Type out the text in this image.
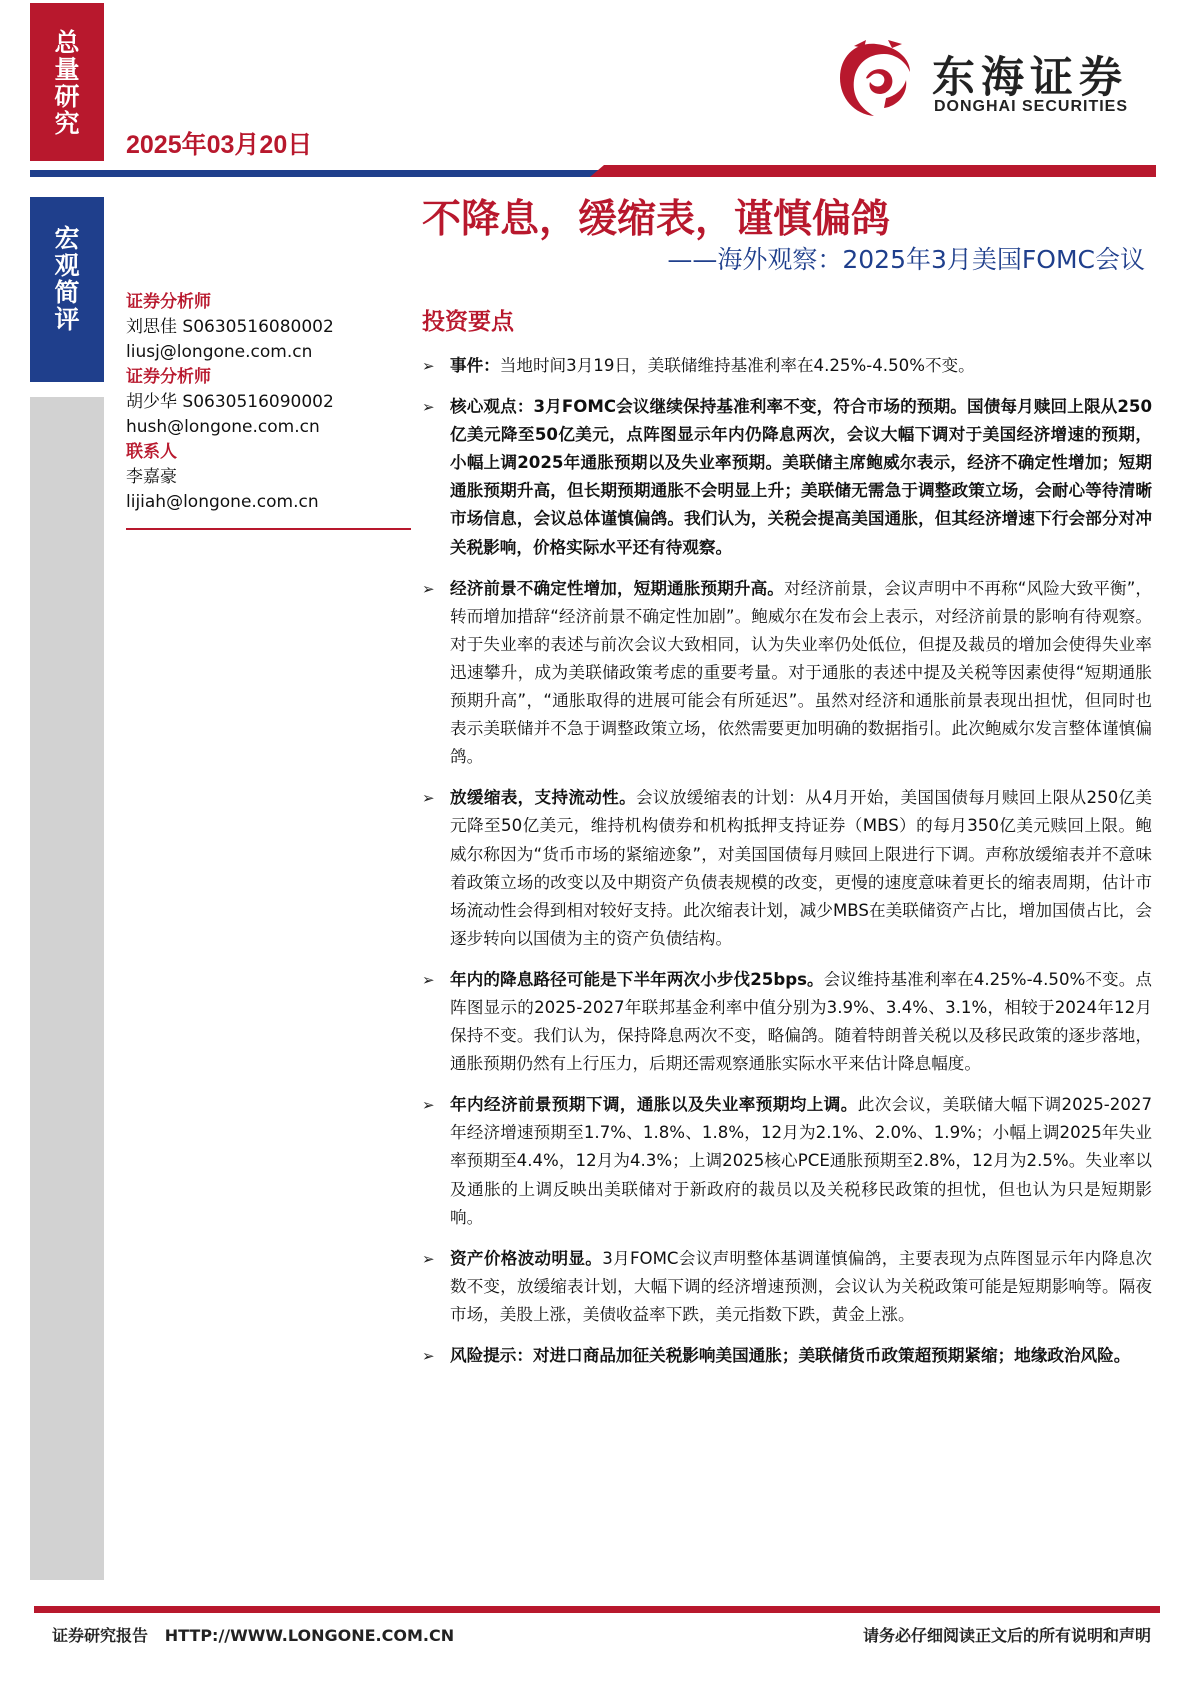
总量研究
宏观简评
2025年03月20日
东海证券
DONGHAI SECURITIES
不降息，缓缩表，谨慎偏鸽
——海外观察：2025年3月美国FOMC会议
证券分析师
刘思佳 S0630516080002
liusj@longone.com.cn
证券分析师
胡少华 S0630516090002
hush@longone.com.cn
联系人
李嘉豪
lijiah@longone.com.cn
投资要点
➢ 事件：当地时间3月19日，美联储维持基准利率在4.25%-4.50%不变。
➢ 核心观点：3月FOMC会议继续保持基准利率不变，符合市场的预期。国债每月赎回上限从250亿美元降至50亿美元，点阵图显示年内仍降息两次，会议大幅下调对于美国经济增速的预期，小幅上调2025年通胀预期以及失业率预期。美联储主席鲍威尔表示，经济不确定性增加；短期通胀预期升高，但长期预期通胀不会明显上升；美联储无需急于调整政策立场，会耐心等待清晰市场信息，会议总体谨慎偏鸽。我们认为，关税会提高美国通胀，但其经济增速下行会部分对冲关税影响，价格实际水平还有待观察。
➢ 经济前景不确定性增加，短期通胀预期升高。对经济前景，会议声明中不再称“风险大致平衡”，转而增加措辞“经济前景不确定性加剧”。鲍威尔在发布会上表示，对经济前景的影响有待观察。对于失业率的表述与前次会议大致相同，认为失业率仍处低位，但提及裁员的增加会使得失业率迅速攀升，成为美联储政策考虑的重要考量。对于通胀的表述中提及关税等因素使得“短期通胀预期升高”，“通胀取得的进展可能会有所延迟”。虽然对经济和通胀前景表现出担忧，但同时也表示美联储并不急于调整政策立场，依然需要更加明确的数据指引。此次鲍威尔发言整体谨慎偏鸽。
➢ 放缓缩表，支持流动性。会议放缓缩表的计划：从4月开始，美国国债每月赎回上限从250亿美元降至50亿美元，维持机构债券和机构抵押支持证券（MBS）的每月350亿美元赎回上限。鲍威尔称因为“货币市场的紧缩迹象”，对美国国债每月赎回上限进行下调。声称放缓缩表并不意味着政策立场的改变以及中期资产负债表规模的改变，更慢的速度意味着更长的缩表周期，估计市场流动性会得到相对较好支持。此次缩表计划，减少MBS在美联储资产占比，增加国债占比，会逐步转向以国债为主的资产负债结构。
➢ 年内的降息路径可能是下半年两次小步伐25bps。会议维持基准利率在4.25%-4.50%不变。点阵图显示的2025-2027年联邦基金利率中值分别为3.9%、3.4%、3.1%，相较于2024年12月保持不变。我们认为，保持降息两次不变，略偏鸽。随着特朗普关税以及移民政策的逐步落地，通胀预期仍然有上行压力，后期还需观察通胀实际水平来估计降息幅度。
➢ 年内经济前景预期下调，通胀以及失业率预期均上调。此次会议，美联储大幅下调2025-2027年经济增速预期至1.7%、1.8%、1.8%，12月为2.1%、2.0%、1.9%；小幅上调2025年失业率预期至4.4%，12月为4.3%；上调2025核心PCE通胀预期至2.8%，12月为2.5%。失业率以及通胀的上调反映出美联储对于新政府的裁员以及关税移民政策的担忧，但也认为只是短期影响。
➢ 资产价格波动明显。3月FOMC会议声明整体基调谨慎偏鸽，主要表现为点阵图显示年内降息次数不变，放缓缩表计划，大幅下调的经济增速预测，会议认为关税政策可能是短期影响等。隔夜市场，美股上涨，美债收益率下跌，美元指数下跌，黄金上涨。
➢ 风险提示：对进口商品加征关税影响美国通胀；美联储货币政策超预期紧缩；地缘政治风险。
证券研究报告 HTTP://WWW.LONGONE.COM.CN	请务必仔细阅读正文后的所有说明和声明
